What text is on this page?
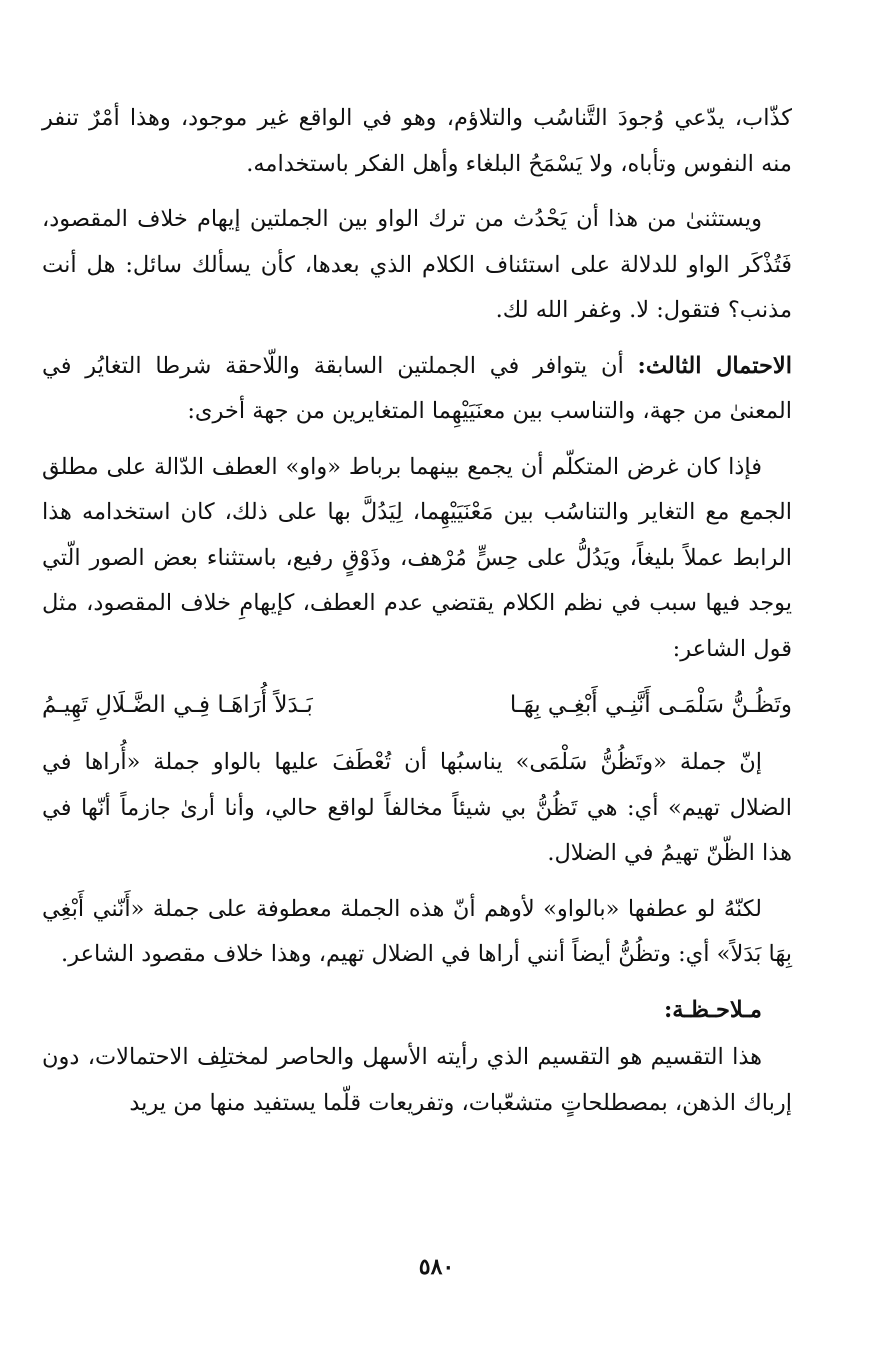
كذّاب، يدّعي وُجودَ التَّناسُب والتلاؤم، وهو في الواقع غير موجود، وهذا أمْرٌ تنفر منه النفوس وتأباه، ولا يَسْمَحُ البلغاء وأهل الفكر باستخدامه.

ويستثنىٰ من هذا أن يَحْدُث من ترك الواو بين الجملتين إيهام خلاف المقصود، فَتُذْكَر الواو للدلالة على استئناف الكلام الذي بعدها، كأن يسألك سائل: هل أنت مذنب؟ فتقول: لا. وغفر الله لك.

الاحتمال الثالث: أن يتوافر في الجملتين السابقة واللّاحقة شرطا التغايُر في المعنىٰ من جهة، والتناسب بين معنَيَيْهِما المتغايرين من جهة أخرى:

فإذا كان غرض المتكلّم أن يجمع بينهما برباط «واو» العطف الدّالة على مطلق الجمع مع التغاير والتناسُب بين مَعْنَيَيْهِما، لِيَدُلَّ بها على ذلك، كان استخدامه هذا الرابط عملاً بليغاً، ويَدُلُّ على حِسٍّ مُرْهف، وذَوْقٍ رفيع، باستثناء بعض الصور الّتي يوجد فيها سبب في نظم الكلام يقتضي عدم العطف، كإيهامِ خلاف المقصود، مثل قول الشاعر:

وتَظُـنُّ سَلْمَـى أَنَّنِـي أَبْغِـي بِهَـا
بَـدَلاً أُرَاهَـا فِـي الضَّـلَالِ تَهِيـمُ

إنّ جملة «وتَظُنُّ سَلْمَى» يناسبُها أن تُعْطَفَ عليها بالواو جملة «أُراها في الضلال تهيم» أي: هي تَظُنُّ بي شيئاً مخالفاً لواقع حالي، وأنا أرىٰ جازماً أنّها في هذا الظّنّ تهيمُ في الضلال.

لكنّهُ لو عطفها «بالواو» لأوهم أنّ هذه الجملة معطوفة على جملة «أَنّني أَبْغِي بِهَا بَدَلاً» أي: وتظُنُّ أيضاً أنني أراها في الضلال تهيم، وهذا خلاف مقصود الشاعر.

مـلاحـظـة:

هذا التقسيم هو التقسيم الذي رأيته الأسهل والحاصر لمختلِف الاحتمالات، دون إرباك الذهن، بمصطلحاتٍ متشعّبات، وتفريعات قلّما يستفيد منها من يريد

٥٨٠
